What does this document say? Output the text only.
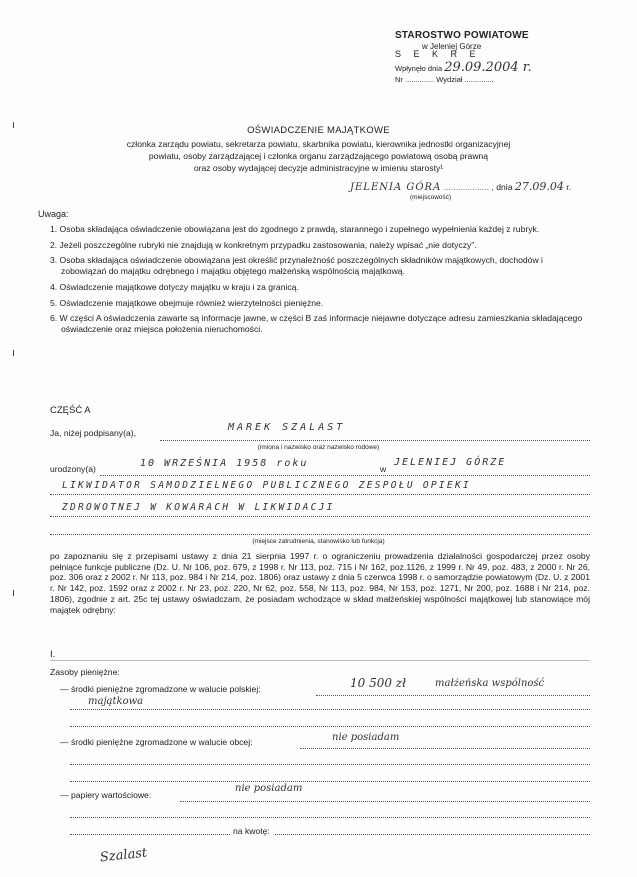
STAROSTWO POWIATOWE
w Jeleniej Górze
S E K R E
Wpłynęło dnia 29.09.2004 r.
Nr .............. Wydział ..............
OŚWIADCZENIE MAJĄTKOWE
członka zarządu powiatu, sekretarza powiatu, skarbnika powiatu, kierownika jednostki organizacyjnej
powiatu, osoby zarządzającej i członka organu zarządzającego powiatową osobą prawną
oraz osoby wydającej decyzje administracyjne w imieniu starosty¹
JELENIA GÓRA ................... , dnia 27.09.04 r.
(miejscowość)
Uwaga:
1. Osoba składająca oświadczenie obowiązana jest do zgodnego z prawdą, starannego i zupełnego wypełnienia każdej z rubryk.
2. Jeżeli poszczególne rubryki nie znajdują w konkretnym przypadku zastosowania, należy wpisać „nie dotyczy”.
3. Osoba składająca oświadczenie obowiązana jest określić przynależność poszczególnych składników majątkowych, dochodów i zobowiązań do majątku odrębnego i majątku objętego małżeńską wspólnością majątkową.
4. Oświadczenie majątkowe dotyczy majątku w kraju i za granicą.
5. Oświadczenie majątkowe obejmuje również wierzytelności pieniężne.
6. W części A oświadczenia zawarte są informacje jawne, w części B zaś informacje niejawne dotyczące adresu zamieszkania składającego oświadczenie oraz miejsca położenia nieruchomości.
CZĘŚĆ A
Ja, niżej podpisany(a),	MAREK SZALAST
(imiona i nazwisko oraz nazwisko rodowe)
urodzony(a)	10 WRZEŚNIA 1958 roku	w
JELENIEJ GÓRZE
LIKWIDATOR SAMODZIELNEGO PUBLICZNEGO ZESPOŁU OPIEKI
ZDROWOTNEJ W KOWARACH W LIKWIDACJI
(miejsce zatrudnienia, stanowisko lub funkcja)
po zapoznaniu się z przepisami ustawy z dnia 21 sierpnia 1997 r. o ograniczeniu prowadzenia działalności gospodarczej przez osoby pełniące funkcje publiczne (Dz. U. Nr 106, poz. 679, z 1998 r. Nr 113, poz. 715 i Nr 162, poz.1126, z 1999 r. Nr 49, poz. 483, z 2000 r. Nr 26, poz. 306 oraz z 2002 r. Nr 113, poz. 984 i Nr 214, poz. 1806) oraz ustawy z dnia 5 czerwca 1998 r. o samorządzie powiatowym (Dz. U. z 2001 r. Nr 142, poz. 1592 oraz z 2002 r. Nr 23, poz. 220, Nr 62, poz. 558, Nr 113, poz. 984, Nr 153, poz. 1271, Nr 200, poz. 1688 i Nr 214, poz. 1806), zgodnie z art. 25c tej ustawy oświadczam, że posiadam wchodzące w skład małżeńskiej wspólności majątkowej lub stanowiące mój majątek odrębny:
I.
Zasoby pieniężne:
— środki pieniężne zgromadzone w walucie polskiej:	10 500 zł	małżeńska wspólność
majątkowa
— środki pieniężne zgromadzone w walucie obcej:	nie posiadam
— papiery wartościowe:
nie posiadam
na kwotę:
Szalast
